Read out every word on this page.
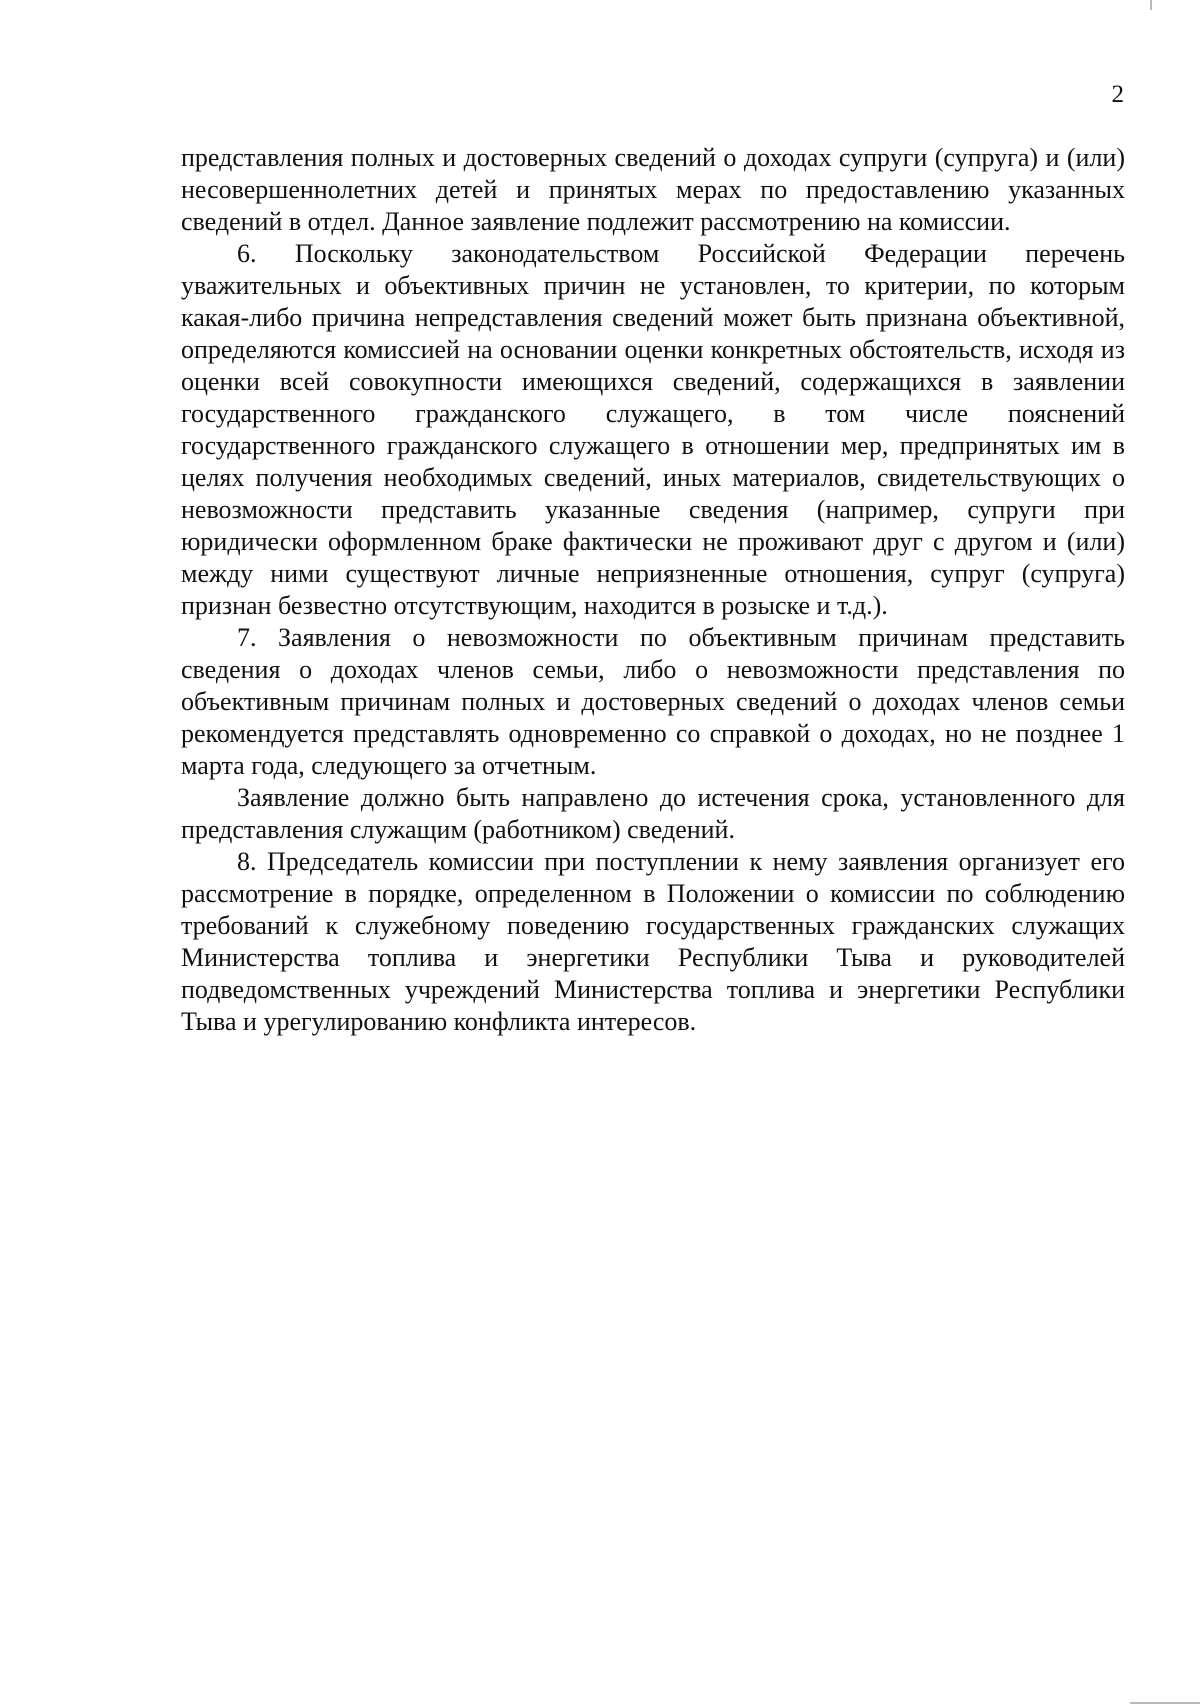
2

представления полных и достоверных сведений о доходах супруги (супруга) и (или) несовершеннолетних детей и принятых мерах по предоставлению указанных сведений в отдел. Данное заявление подлежит рассмотрению на комиссии.

6. Поскольку законодательством Российской Федерации перечень уважительных и объективных причин не установлен, то критерии, по которым какая-либо причина непредставления сведений может быть признана объективной, определяются комиссией на основании оценки конкретных обстоятельств, исходя из оценки всей совокупности имеющихся сведений, содержащихся в заявлении государственного гражданского служащего, в том числе пояснений государственного гражданского служащего в отношении мер, предпринятых им в целях получения необходимых сведений, иных материалов, свидетельствующих о невозможности представить указанные сведения (например, супруги при юридически оформленном браке фактически не проживают друг с другом и (или) между ними существуют личные неприязненные отношения, супруг (супруга) признан безвестно отсутствующим, находится в розыске и т.д.).

7. Заявления о невозможности по объективным причинам представить сведения о доходах членов семьи, либо о невозможности представления по объективным причинам полных и достоверных сведений о доходах членов семьи рекомендуется представлять одновременно со справкой о доходах, но не позднее 1 марта года, следующего за отчетным.

Заявление должно быть направлено до истечения срока, установленного для представления служащим (работником) сведений.

8. Председатель комиссии при поступлении к нему заявления организует его рассмотрение в порядке, определенном в Положении о комиссии по соблюдению требований к служебному поведению государственных гражданских служащих Министерства топлива и энергетики Республики Тыва и руководителей подведомственных учреждений Министерства топлива и энергетики Республики Тыва и урегулированию конфликта интересов.
